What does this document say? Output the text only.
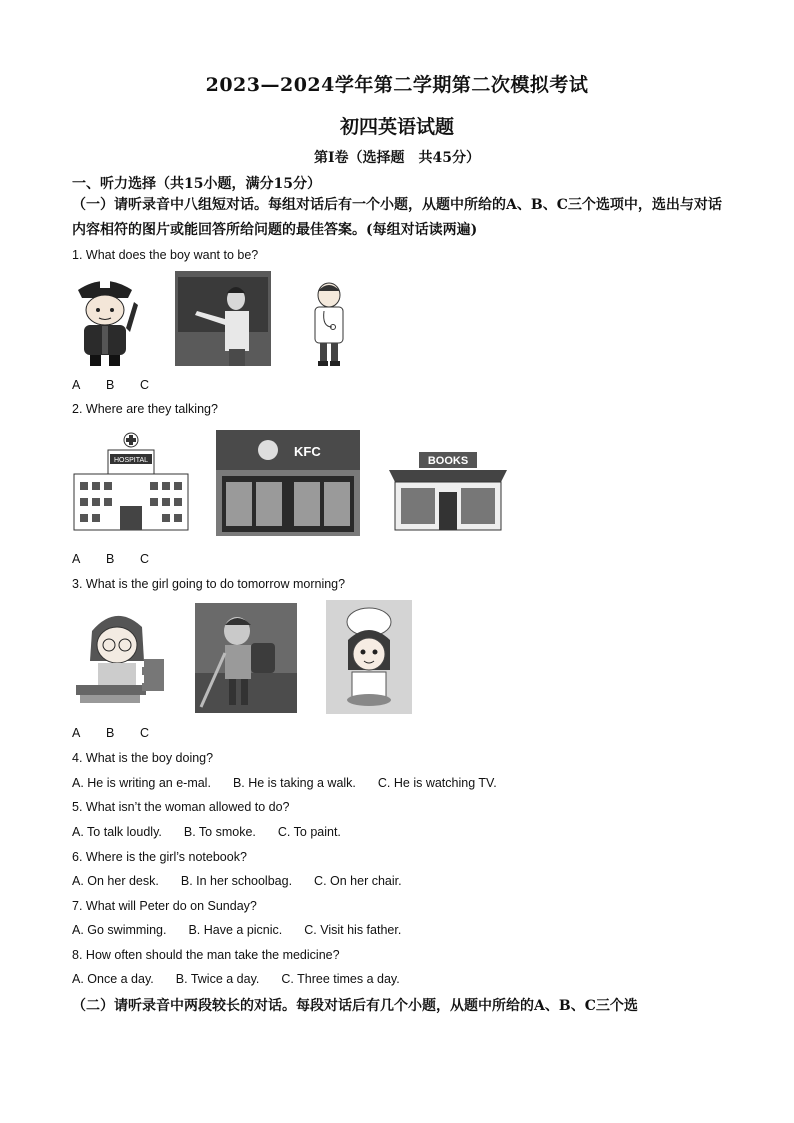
2023—2024学年第二学期第二次模拟考试
初四英语试题
第Ⅰ卷（选择题　共45分）
一、听力选择（共15小题，满分15分）
（一）请听录音中八组短对话。每组对话后有一个小题，从题中所给的A、B、C三个选项中，选出与对话内容相符的图片或能回答所给问题的最佳答案。(每组对话读两遍)
1. What does the boy want to be?
A B C
2. Where are they talking?
HOSPITAL
KFC
BOOKS
A B C
3. What is the girl going to do tomorrow morning?
A B C
4. What is the boy doing?
A. He is writing an e-mal. B. He is taking a walk. C. He is watching TV.
5. What isn’t the woman allowed to do?
A. To talk loudly. B. To smoke. C. To paint.
6. Where is the girl’s notebook?
A. On her desk. B. In her schoolbag. C. On her chair.
7. What will Peter do on Sunday?
A. Go swimming. B. Have a picnic. C. Visit his father.
8. How often should the man take the medicine?
A. Once a day. B. Twice a day. C. Three times a day.
（二）请听录音中两段较长的对话。每段对话后有几个小题，从题中所给的A、B、C三个选
